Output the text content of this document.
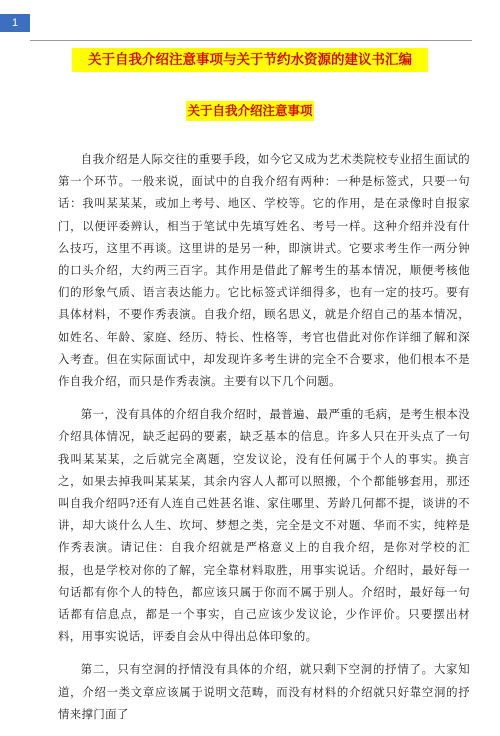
1
关于自我介绍注意事项与关于节约水资源的建议书汇编
关于自我介绍注意事项

自我介绍是人际交往的重要手段，如今它又成为艺术类院校专业招生面试的第一个环节。一般来说，面试中的自我介绍有两种：一种是标签式，只要一句话：我叫某某某，或加上考号、地区、学校等。它的作用，是在录像时自报家门，以便评委辨认，相当于笔试中先填写姓名、考号一样。这种介绍并没有什么技巧，这里不再谈。这里讲的是另一种，即演讲式。它要求考生作一两分钟的口头介绍，大约两三百字。其作用是借此了解考生的基本情况，顺便考核他们的形象气质、语言表达能力。它比标签式详细得多，也有一定的技巧。要有具体材料，不要作秀表演。自我介绍，顾名思义，就是介绍自己的基本情况，如姓名、年龄、家庭、经历、特长、性格等，考官也借此对你作详细了解和深入考查。但在实际面试中，却发现许多考生讲的完全不合要求，他们根本不是作自我介绍，而只是作秀表演。主要有以下几个问题。

第一，没有具体的介绍自我介绍时，最普遍、最严重的毛病，是考生根本没介绍具体情况，缺乏起码的要素，缺乏基本的信息。许多人只在开头点了一句我叫某某某，之后就完全离题，空发议论，没有任何属于个人的事实。换言之，如果去掉我叫某某某，其余内容人人都可以照搬，个个都能够套用，那还叫自我介绍吗?还有人连自己姓甚名谁、家住哪里、芳龄几何都不提，谈讲的不讲，却大谈什么人生、坎坷、梦想之类，完全是文不对题、华而不实，纯粹是作秀表演。请记住：自我介绍就是严格意义上的自我介绍，是你对学校的汇报，也是学校对你的了解，完全靠材料取胜，用事实说话。介绍时，最好每一句话都有你个人的特色，都应该只属于你而不属于别人。介绍时，最好每一句话都有信息点，都是一个事实，自己应该少发议论，少作评价。只要摆出材料，用事实说话，评委自会从中得出总体印象的。

第二，只有空洞的抒情没有具体的介绍，就只剩下空洞的抒情了。大家知道，介绍一类文章应该属于说明文范畴，而没有材料的介绍就只好靠空洞的抒情来撑门面了
